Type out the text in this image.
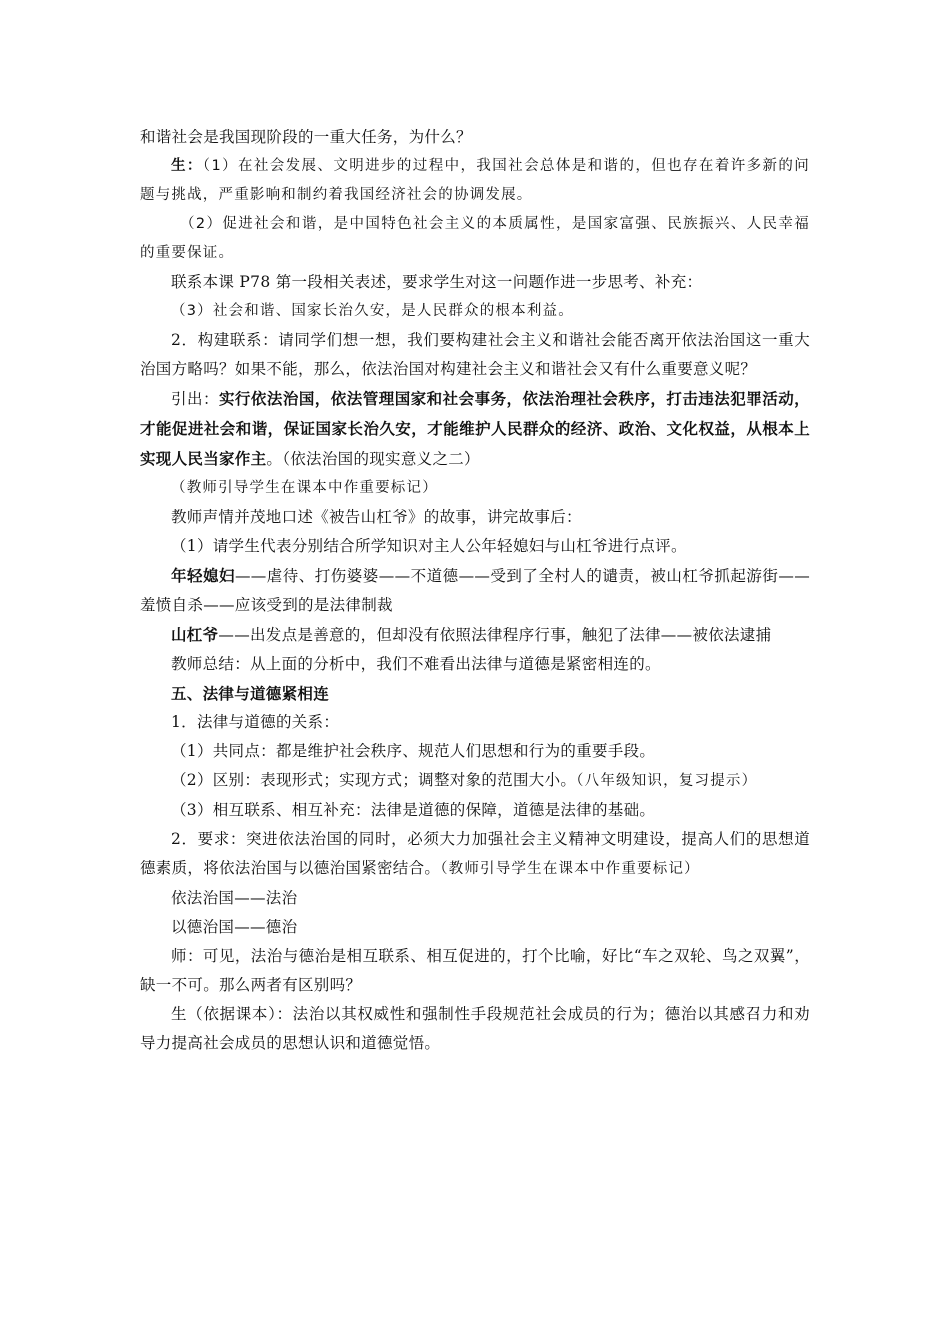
和谐社会是我国现阶段的一重大任务，为什么？

生：（1）在社会发展、文明进步的过程中，我国社会总体是和谐的，但也存在着许多新的问题与挑战，严重影响和制约着我国经济社会的协调发展。

（2）促进社会和谐，是中国特色社会主义的本质属性，是国家富强、民族振兴、人民幸福的重要保证。

联系本课 P78 第一段相关表述，要求学生对这一问题作进一步思考、补充：

（3）社会和谐、国家长治久安，是人民群众的根本利益。

2．构建联系：请同学们想一想，我们要构建社会主义和谐社会能否离开依法治国这一重大治国方略吗？如果不能，那么，依法治国对构建社会主义和谐社会又有什么重要意义呢？

引出：实行依法治国，依法管理国家和社会事务，依法治理社会秩序，打击违法犯罪活动，才能促进社会和谐，保证国家长治久安，才能维护人民群众的经济、政治、文化权益，从根本上实现人民当家作主。（依法治国的现实意义之二）

（教师引导学生在课本中作重要标记）

教师声情并茂地口述《被告山杠爷》的故事，讲完故事后：

（1）请学生代表分别结合所学知识对主人公年轻媳妇与山杠爷进行点评。

年轻媳妇——虐待、打伤婆婆——不道德——受到了全村人的谴责，被山杠爷抓起游街——羞愤自杀——应该受到的是法律制裁

山杠爷——出发点是善意的，但却没有依照法律程序行事，触犯了法律——被依法逮捕

教师总结：从上面的分析中，我们不难看出法律与道德是紧密相连的。

五、法律与道德紧相连

1．法律与道德的关系：

（1）共同点：都是维护社会秩序、规范人们思想和行为的重要手段。

（2）区别：表现形式；实现方式；调整对象的范围大小。（八年级知识，复习提示）

（3）相互联系、相互补充：法律是道德的保障，道德是法律的基础。

2．要求：突进依法治国的同时，必须大力加强社会主义精神文明建设，提高人们的思想道德素质，将依法治国与以德治国紧密结合。（教师引导学生在课本中作重要标记）

依法治国——法治

以德治国——德治

师：可见，法治与德治是相互联系、相互促进的，打个比喻，好比“车之双轮、鸟之双翼”，缺一不可。那么两者有区别吗？

生（依据课本）：法治以其权威性和强制性手段规范社会成员的行为；德治以其感召力和劝导力提高社会成员的思想认识和道德觉悟。
